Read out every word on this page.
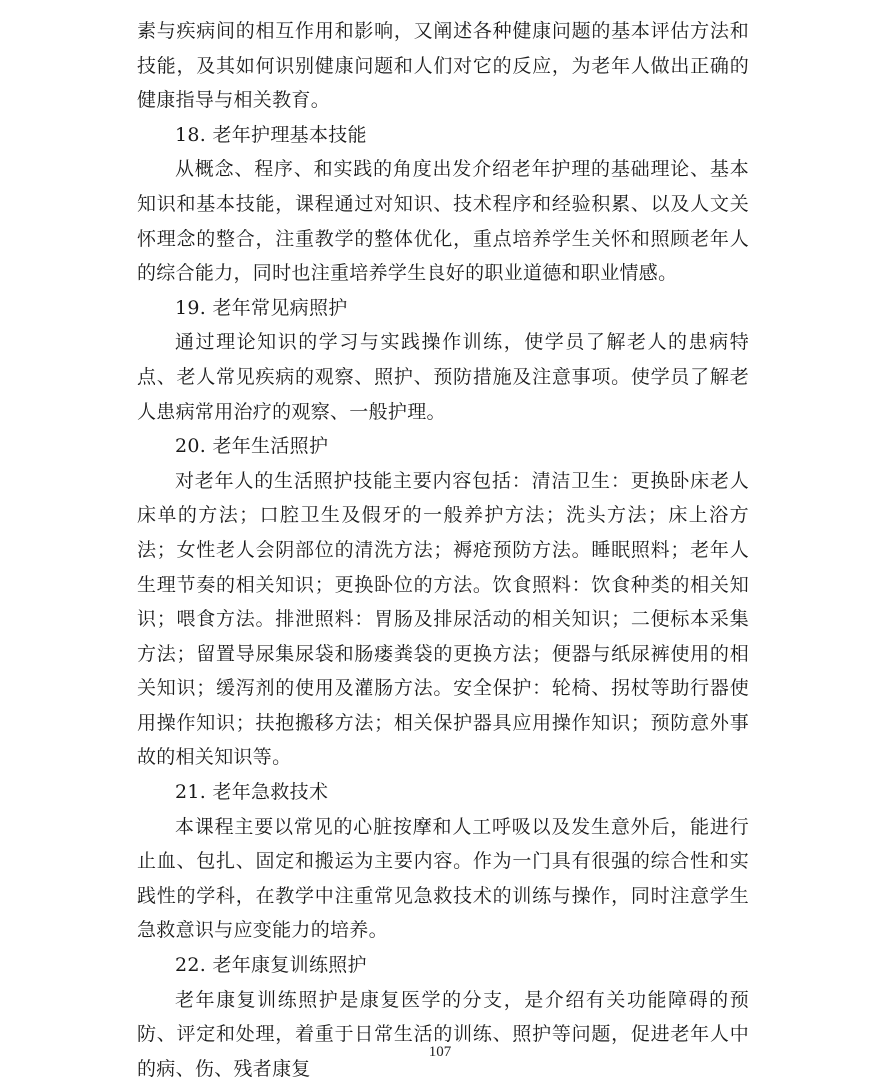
素与疾病间的相互作用和影响，又阐述各种健康问题的基本评估方法和技能，及其如何识别健康问题和人们对它的反应，为老年人做出正确的健康指导与相关教育。

18. 老年护理基本技能

从概念、程序、和实践的角度出发介绍老年护理的基础理论、基本知识和基本技能，课程通过对知识、技术程序和经验积累、以及人文关怀理念的整合，注重教学的整体优化，重点培养学生关怀和照顾老年人的综合能力，同时也注重培养学生良好的职业道德和职业情感。

19. 老年常见病照护

通过理论知识的学习与实践操作训练，使学员了解老人的患病特点、老人常见疾病的观察、照护、预防措施及注意事项。使学员了解老人患病常用治疗的观察、一般护理。

20. 老年生活照护

对老年人的生活照护技能主要内容包括：清洁卫生：更换卧床老人床单的方法；口腔卫生及假牙的一般养护方法；洗头方法；床上浴方法；女性老人会阴部位的清洗方法；褥疮预防方法。睡眠照料；老年人生理节奏的相关知识；更换卧位的方法。饮食照料：饮食种类的相关知识；喂食方法。排泄照料：胃肠及排尿活动的相关知识；二便标本采集方法；留置导尿集尿袋和肠瘘粪袋的更换方法；便器与纸尿裤使用的相关知识；缓泻剂的使用及灌肠方法。安全保护：轮椅、拐杖等助行器使用操作知识；扶抱搬移方法；相关保护器具应用操作知识；预防意外事故的相关知识等。

21. 老年急救技术

本课程主要以常见的心脏按摩和人工呼吸以及发生意外后，能进行止血、包扎、固定和搬运为主要内容。作为一门具有很强的综合性和实践性的学科，在教学中注重常见急救技术的训练与操作，同时注意学生急救意识与应变能力的培养。

22. 老年康复训练照护

老年康复训练照护是康复医学的分支，是介绍有关功能障碍的预防、评定和处理，着重于日常生活的训练、照护等问题，促进老年人中的病、伤、残者康复

107
